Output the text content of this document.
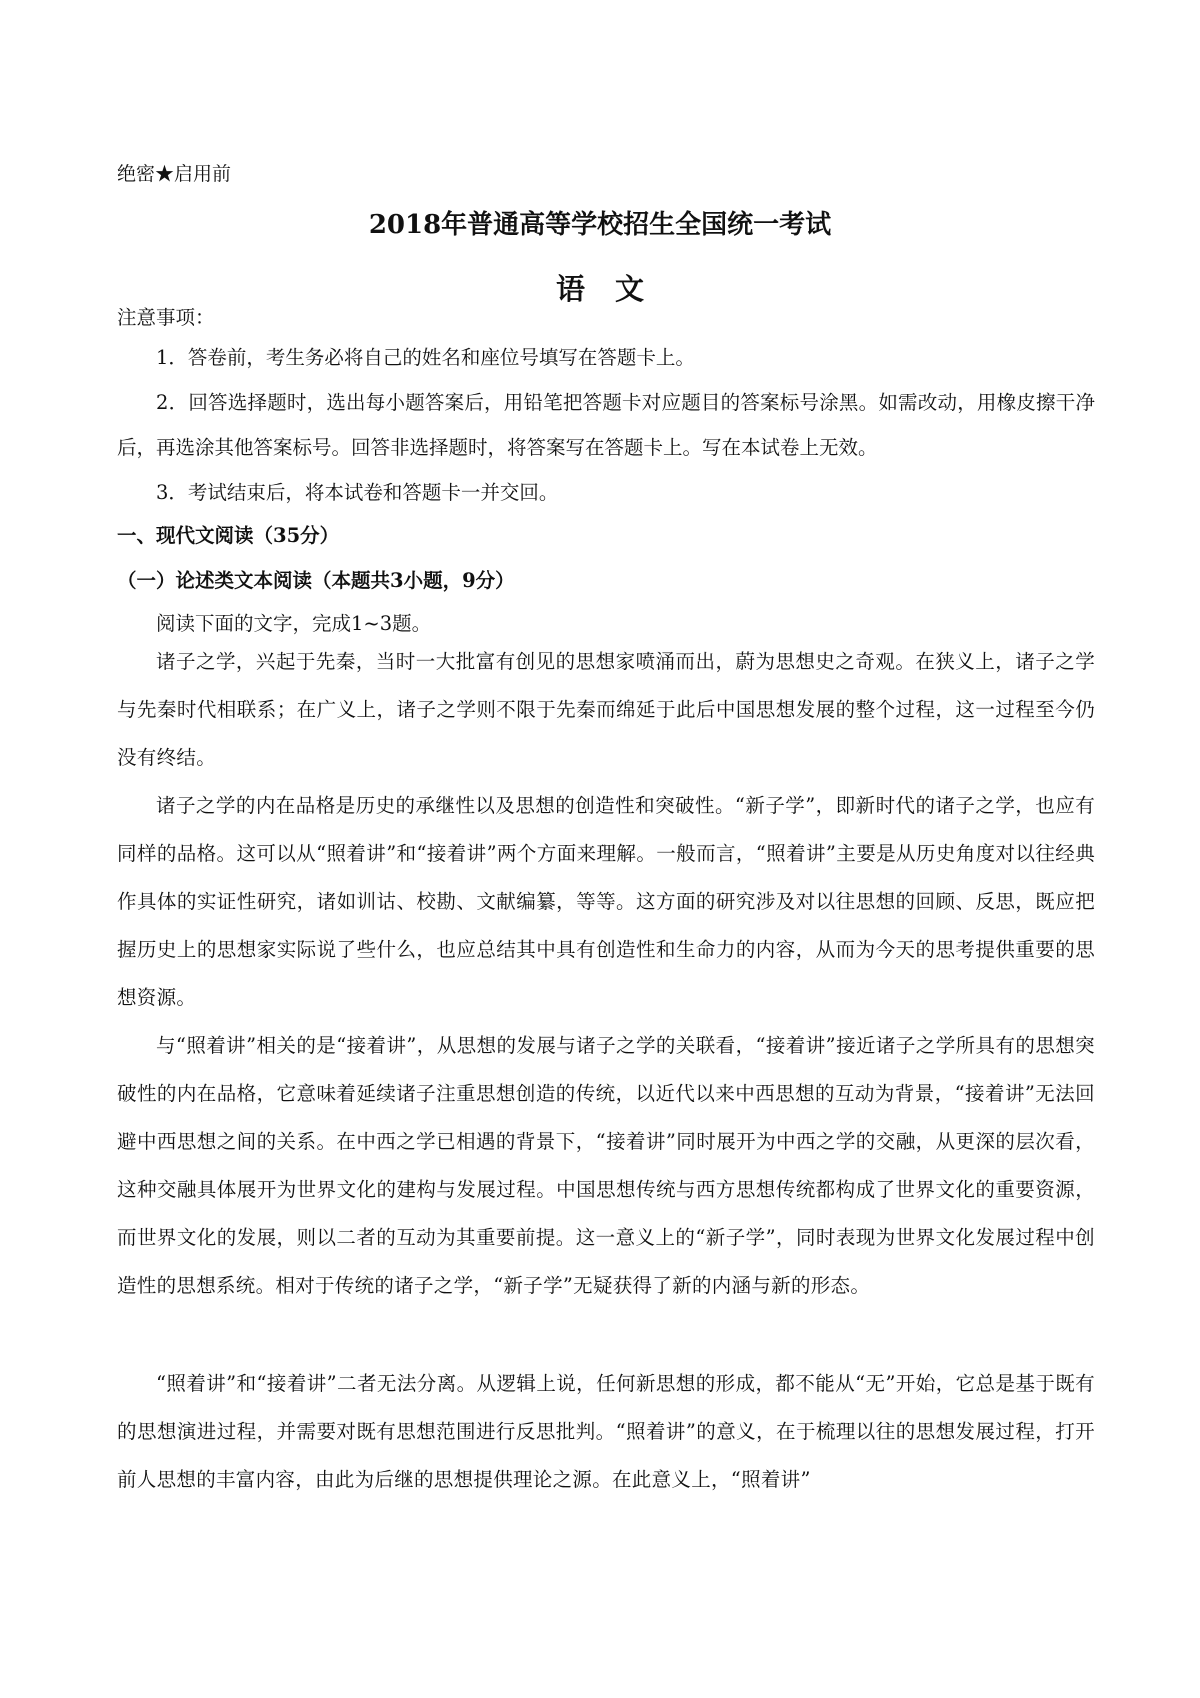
绝密★启用前
2018年普通高等学校招生全国统一考试
语文
注意事项：

1．答卷前，考生务必将自己的姓名和座位号填写在答题卡上。

2．回答选择题时，选出每小题答案后，用铅笔把答题卡对应题目的答案标号涂黑。如需改动，用橡皮擦干净后，再选涂其他答案标号。回答非选择题时，将答案写在答题卡上。写在本试卷上无效。

3．考试结束后，将本试卷和答题卡一并交回。

一、现代文阅读（35分）
（一）论述类文本阅读（本题共3小题，9分）
阅读下面的文字，完成1~3题。

诸子之学，兴起于先秦，当时一大批富有创见的思想家喷涌而出，蔚为思想史之奇观。在狭义上，诸子之学与先秦时代相联系；在广义上，诸子之学则不限于先秦而绵延于此后中国思想发展的整个过程，这一过程至今仍没有终结。

诸子之学的内在品格是历史的承继性以及思想的创造性和突破性。“新子学”，即新时代的诸子之学，也应有同样的品格。这可以从“照着讲”和“接着讲”两个方面来理解。一般而言，“照着讲”主要是从历史角度对以往经典作具体的实证性研究，诸如训诂、校勘、文献编纂，等等。这方面的研究涉及对以往思想的回顾、反思，既应把握历史上的思想家实际说了些什么，也应总结其中具有创造性和生命力的内容，从而为今天的思考提供重要的思想资源。

与“照着讲”相关的是“接着讲”，从思想的发展与诸子之学的关联看，“接着讲”接近诸子之学所具有的思想突破性的内在品格，它意味着延续诸子注重思想创造的传统，以近代以来中西思想的互动为背景，“接着讲”无法回避中西思想之间的关系。在中西之学已相遇的背景下，“接着讲”同时展开为中西之学的交融，从更深的层次看，这种交融具体展开为世界文化的建构与发展过程。中国思想传统与西方思想传统都构成了世界文化的重要资源，而世界文化的发展，则以二者的互动为其重要前提。这一意义上的“新子学”，同时表现为世界文化发展过程中创造性的思想系统。相对于传统的诸子之学，“新子学”无疑获得了新的内涵与新的形态。

“照着讲”和“接着讲”二者无法分离。从逻辑上说，任何新思想的形成，都不能从“无”开始，它总是基于既有的思想演进过程，并需要对既有思想范围进行反思批判。“照着讲”的意义，在于梳理以往的思想发展过程，打开前人思想的丰富内容，由此为后继的思想提供理论之源。在此意义上，“照着讲”
